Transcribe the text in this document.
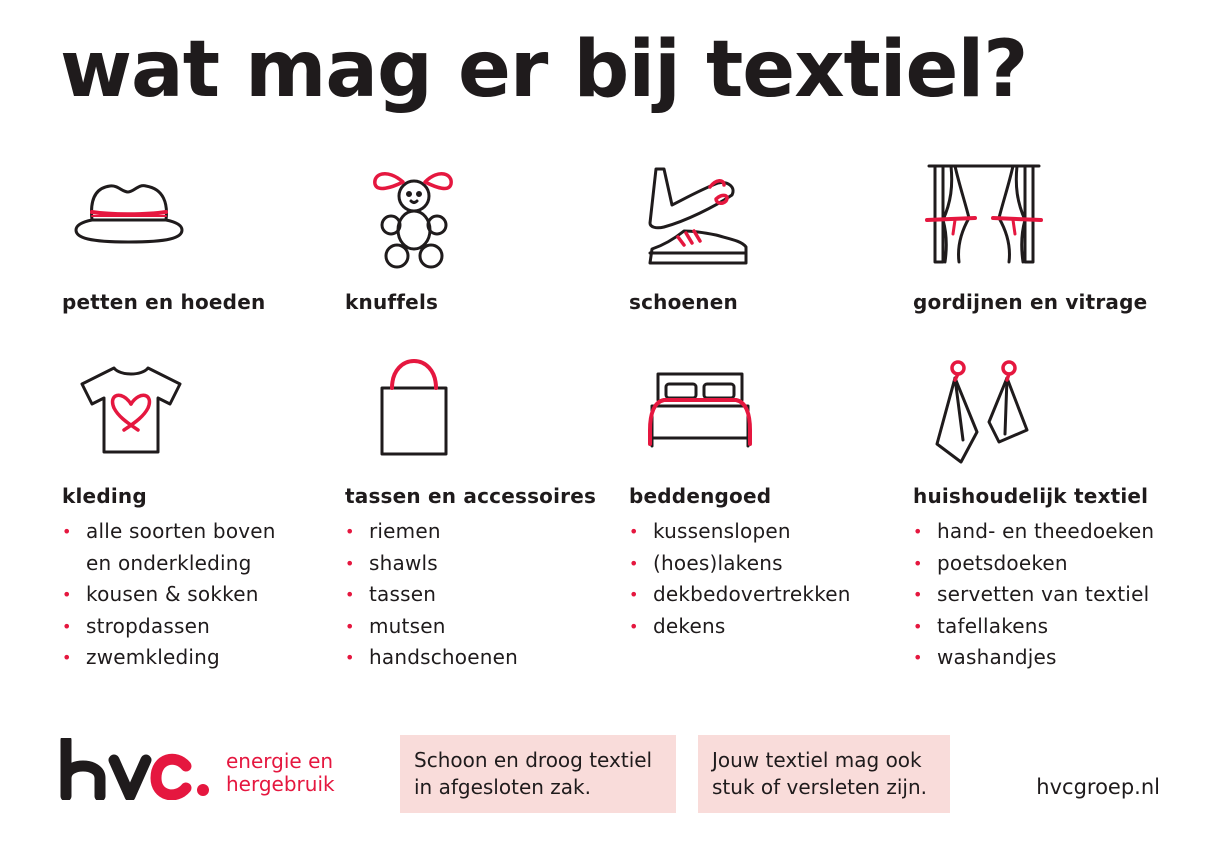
wat mag er bij textiel?
petten en hoeden	knuffels	schoenen	gordijnen en vitrage
kleding	tassen en accessoires beddengoed	huishoudelijk textiel
• alle soorten boven
en onderkleding
• kousen & sokken
• stropdassen
• zwemkleding
• riemen
• shawls
• tassen
• mutsen
• handschoenen
• kussenslopen
• (hoes)lakens
• dekbedovertrekken
• dekens
• hand- en theedoeken
• poetsdoeken
• servetten van textiel
• tafellakens
• washandjes
energie en
hergebruik
Schoon en droog textiel
in afgesloten zak.
Jouw textiel mag ook
stuk of versleten zijn.	hvcgroep.nl
